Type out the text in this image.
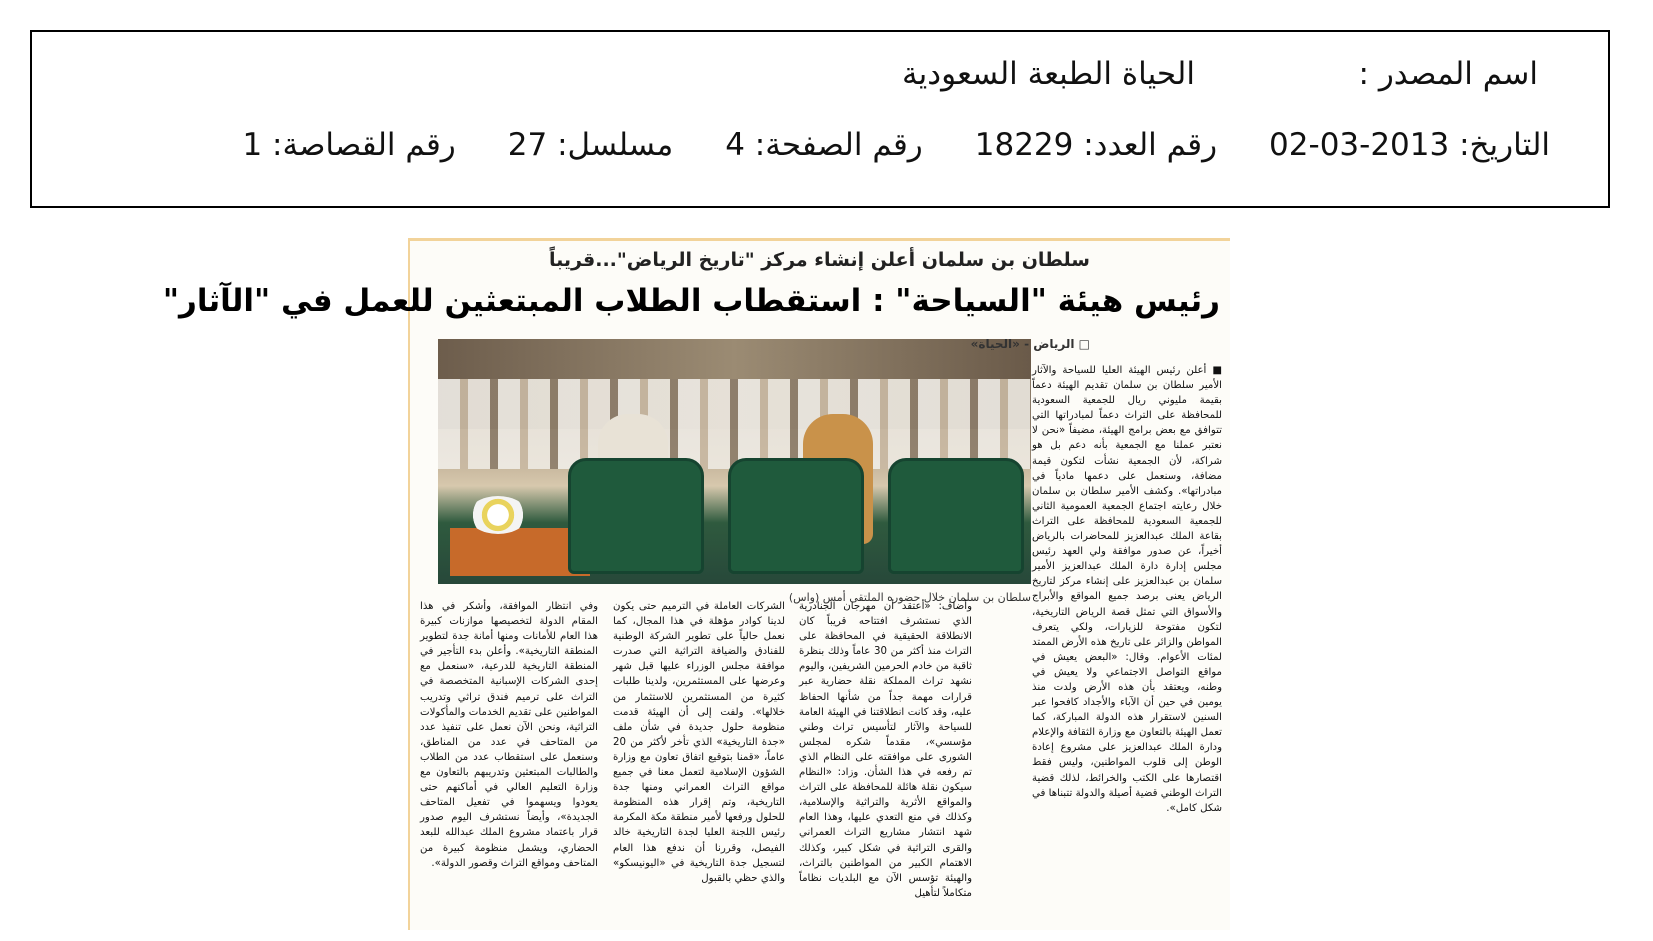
اسم المصدر :
الحياة الطبعة السعودية
التاريخ: 2013-03-02
رقم العدد: 18229
رقم الصفحة: 4
مسلسل: 27
رقم القصاصة: 1
سلطان بن سلمان أعلن إنشاء مركز "تاريخ الرياض"...قريباً
رئيس هيئة "السياحة" : استقطاب الطلاب المبتعثين للعمل في "الآثار"
سلطان بن سلمان خلال حضوره الملتقى أمس (واس)
□ الرياض - «الحياة»

■ أعلن رئيس الهيئة العليا للسياحة والآثار الأمير سلطان بن سلمان تقديم الهيئة دعماً بقيمة مليوني ريال للجمعية السعودية للمحافظة على التراث دعماً لمبادراتها التي تتوافق مع بعض برامج الهيئة، مضيفاً «نحن لا نعتبر عملنا مع الجمعية بأنه دعم بل هو شراكة، لأن الجمعية نشأت لتكون قيمة مضافة، وسنعمل على دعمها مادياً في مبادراتها». وكشف الأمير سلطان بن سلمان خلال رعايته اجتماع الجمعية العمومية الثاني للجمعية السعودية للمحافظة على التراث بقاعة الملك عبدالعزيز للمحاضرات بالرياض أخيراً، عن صدور موافقة ولي العهد رئيس مجلس إدارة دارة الملك عبدالعزيز الأمير سلمان بن عبدالعزيز على إنشاء مركز لتاريخ الرياض يعنى برصد جميع المواقع والأبراج والأسواق التي تمثل قصة الرياض التاريخية، لتكون مفتوحة للزيارات، ولكي يتعرف المواطن والزائر على تاريخ هذه الأرض الممتد لمئات الأعوام. وقال: «البعض يعيش في مواقع التواصل الاجتماعي ولا يعيش في وطنه، ويعتقد بأن هذه الأرض ولدت منذ يومين في حين أن الآباء والأجداد كافحوا عبر السنين لاستقرار هذه الدولة المباركة، كما تعمل الهيئة بالتعاون مع وزارة الثقافة والإعلام ودارة الملك عبدالعزيز على مشروع إعادة الوطن إلى قلوب المواطنين، وليس فقط اقتصارها على الكتب والخرائط، لذلك قضية التراث الوطني قضية أصيلة والدولة تتبناها في شكل كامل».

وأضاف: «أعتقد أن مهرجان الجنادرية الذي نستشرف افتتاحه قريباً كان الانطلاقة الحقيقية في المحافظة على التراث منذ أكثر من 30 عاماً وذلك بنظرة ثاقبة من خادم الحرمين الشريفين، واليوم نشهد تراث المملكة نقلة حضارية عبر قرارات مهمة جداً من شأنها الحفاظ عليه، وقد كانت انطلاقتنا في الهيئة العامة للسياحة والآثار لتأسيس تراث وطني مؤسسي»، مقدماً شكره لمجلس الشورى على موافقته على النظام الذي تم رفعه في هذا الشأن. وزاد: «النظام سيكون نقلة هائلة للمحافظة على التراث والمواقع الأثرية والتراثية والإسلامية، وكذلك في منع التعدي عليها، وهذا العام شهد انتشار مشاريع التراث العمراني والقرى التراثية في شكل كبير، وكذلك الاهتمام الكبير من المواطنين بالتراث، والهيئة تؤسس الآن مع البلديات نظاماً متكاملاً لتأهيل

الشركات العاملة في الترميم حتى يكون لدينا كوادر مؤهلة في هذا المجال، كما نعمل حالياً على تطوير الشركة الوطنية للفنادق والضيافة التراثية التي صدرت موافقة مجلس الوزراء عليها قبل شهر وعرضها على المستثمرين، ولدينا طلبات كثيرة من المستثمرين للاستثمار من خلالها». ولفت إلى أن الهيئة قدمت منظومة حلول جديدة في شأن ملف «جدة التاريخية» الذي تأخر لأكثر من 20 عاماً، «قمنا بتوقيع اتفاق تعاون مع وزارة الشؤون الإسلامية لتعمل معنا في جميع مواقع التراث العمراني ومنها جدة التاريخية، وتم إقرار هذه المنظومة للحلول ورفعها لأمير منطقة مكة المكرمة رئيس اللجنة العليا لجدة التاريخية خالد الفيصل، وقررنا أن ندفع هذا العام لتسجيل جدة التاريخية في «اليونيسكو» والذي حظي بالقبول

وفي انتظار الموافقة، وأشكر في هذا المقام الدولة لتخصيصها موازنات كبيرة هذا العام للأمانات ومنها أمانة جدة لتطوير المنطقة التاريخية». وأعلن بدء التأجير في المنطقة التاريخية للدرعية، «سنعمل مع إحدى الشركات الإسبانية المتخصصة في التراث على ترميم فندق تراثي وتدريب المواطنين على تقديم الخدمات والمأكولات التراثية، ونحن الآن نعمل على تنفيذ عدد من المتاحف في عدد من المناطق، وسنعمل على استقطاب عدد من الطلاب والطالبات المبتعثين وتدريبهم بالتعاون مع وزارة التعليم العالي في أماكنهم حتى يعودوا ويسهموا في تفعيل المتاحف الجديدة»، وأيضاً نستشرف اليوم صدور قرار باعتماد مشروع الملك عبدالله للبعد الحضاري، ويشمل منظومة كبيرة من المتاحف ومواقع التراث وقصور الدولة».
